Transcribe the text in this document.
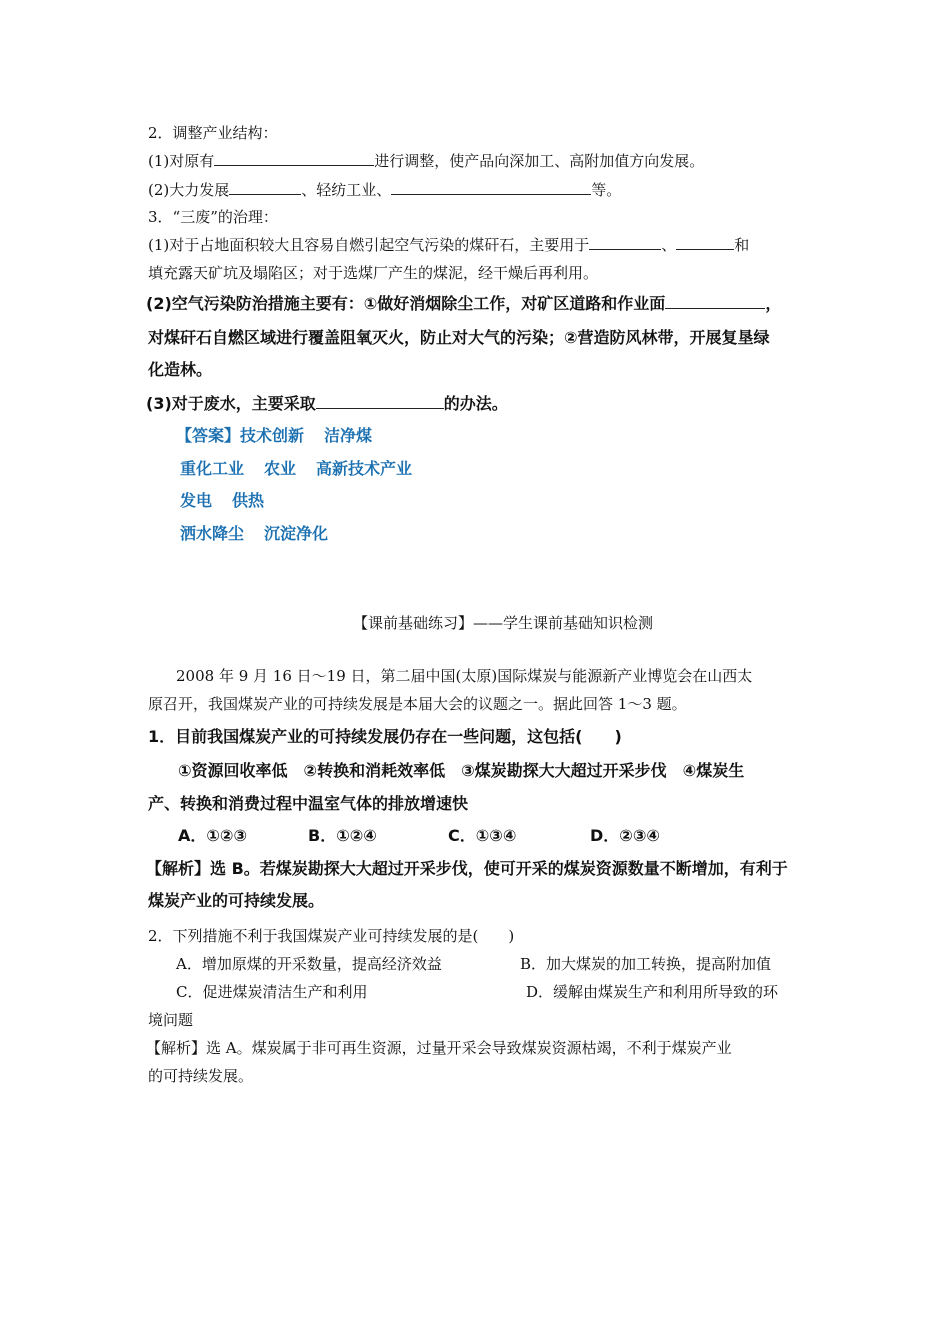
2．调整产业结构：
(1)对原有	进行调整，使产品向深加工、高附加值方向发展。
(2)大力发展	、轻纺工业、	等。
3．“三废”的治理：
(1)对于占地面积较大且容易自燃引起空气污染的煤矸石，主要用于	、	和
填充露天矿坑及塌陷区；对于选煤厂产生的煤泥，经干燥后再利用。
(2)空气污染防治措施主要有：①做好消烟除尘工作，对矿区道路和作业面	，
对煤矸石自燃区域进行覆盖阻氧灭火，防止对大气的污染；②营造防风林带，开展复垦绿
化造林。
(3)对于废水，主要采取	的办法。
【答案】技术创新 洁净煤
重化工业 农业 高新技术产业
发电 供热
洒水降尘 沉淀净化
【课前基础练习】——学生课前基础知识检测
2008 年 9 月 16 日～19 日，第二届中国(太原)国际煤炭与能源新产业博览会在山西太
原召开，我国煤炭产业的可持续发展是本届大会的议题之一。据此回答 1～3 题。
1．目前我国煤炭产业的可持续发展仍存在一些问题，这包括(　　)
①资源回收率低　②转换和消耗效率低　③煤炭勘探大大超过开采步伐　④煤炭生
产、转换和消费过程中温室气体的排放增速快
A．①②③	B．①②④	C．①③④	D．②③④
【解析】选 B。若煤炭勘探大大超过开采步伐，使可开采的煤炭资源数量不断增加，有利于
煤炭产业的可持续发展。
2．下列措施不利于我国煤炭产业可持续发展的是(　　)
A．增加原煤的开采数量，提高经济效益	B．加大煤炭的加工转换，提高附加值
C．促进煤炭清洁生产和利用	D．缓解由煤炭生产和利用所导致的环
境问题
【解析】选 A。煤炭属于非可再生资源，过量开采会导致煤炭资源枯竭，不利于煤炭产业
的可持续发展。
